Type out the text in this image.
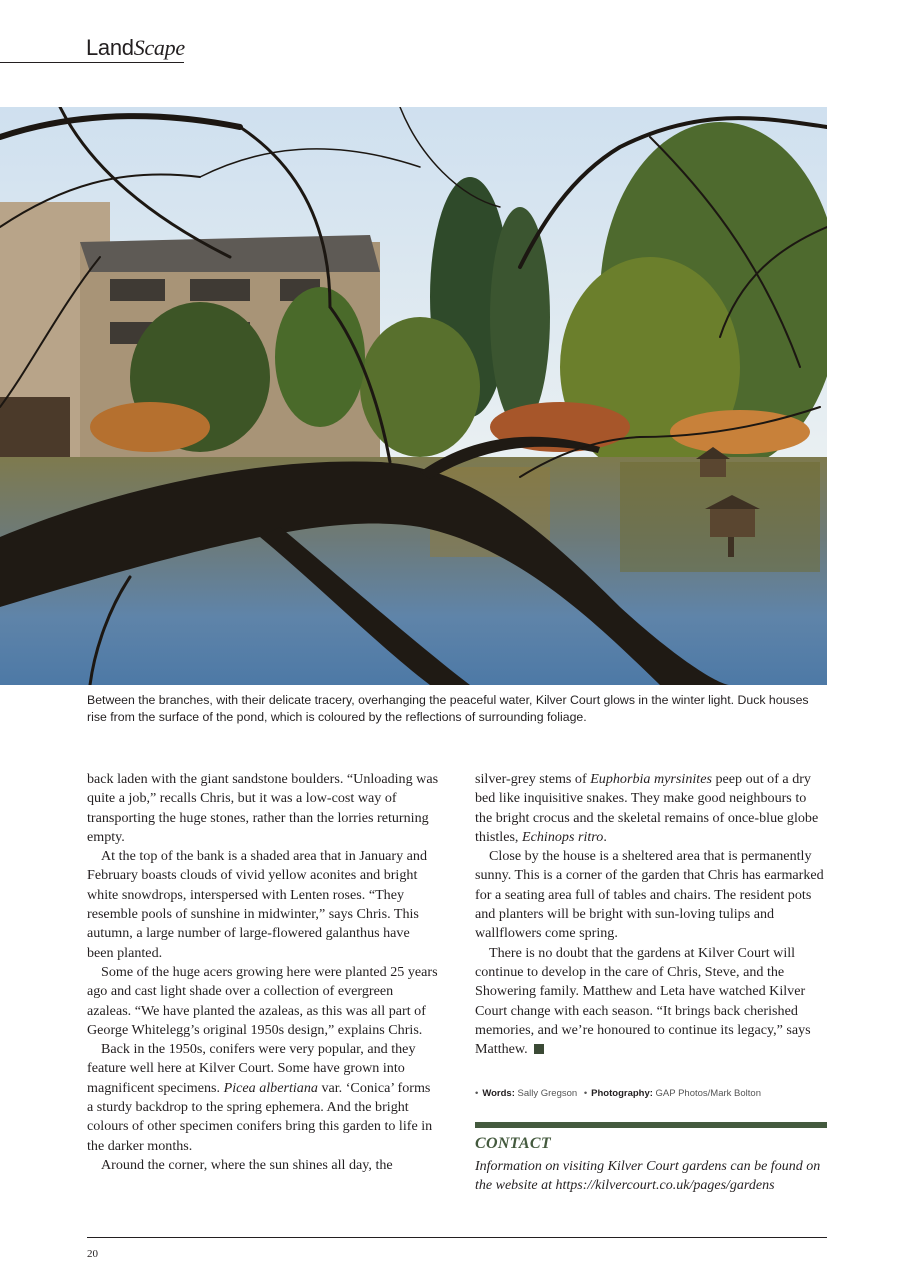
LandScape
Between the branches, with their delicate tracery, overhanging the peaceful water, Kilver Court glows in the winter light. Duck houses rise from the surface of the pond, which is coloured by the reflections of surrounding foliage.

back laden with the giant sandstone boulders. “Unloading was quite a job,” recalls Chris, but it was a low-cost way of transporting the huge stones, rather than the lorries returning empty.

At the top of the bank is a shaded area that in January and February boasts clouds of vivid yellow aconites and bright white snowdrops, interspersed with Lenten roses. “They resemble pools of sunshine in midwinter,” says Chris. This autumn, a large number of large-flowered galanthus have been planted.

Some of the huge acers growing here were planted 25 years ago and cast light shade over a collection of evergreen azaleas. “We have planted the azaleas, as this was all part of George Whitelegg’s original 1950s design,” explains Chris.

Back in the 1950s, conifers were very popular, and they feature well here at Kilver Court. Some have grown into magnificent specimens. Picea albertiana var. ‘Conica’ forms a sturdy backdrop to the spring ephemera. And the bright colours of other specimen conifers bring this garden to life in the darker months.

Around the corner, where the sun shines all day, the

silver-grey stems of Euphorbia myrsinites peep out of a dry bed like inquisitive snakes. They make good neighbours to the bright crocus and the skeletal remains of once-blue globe thistles, Echinops ritro.

Close by the house is a sheltered area that is permanently sunny. This is a corner of the garden that Chris has earmarked for a seating area full of tables and chairs. The resident pots and planters will be bright with sun-loving tulips and wallflowers come spring.

There is no doubt that the gardens at Kilver Court will continue to develop in the care of Chris, Steve, and the Showering family. Matthew and Leta have watched Kilver Court change with each season. “It brings back cherished memories, and we’re honoured to continue its legacy,” says Matthew.

• Words: Sally Gregson • Photography: GAP Photos/Mark Bolton
CONTACT
Information on visiting Kilver Court gardens can be found on the website at https://kilvercourt.co.uk/pages/gardens
20
